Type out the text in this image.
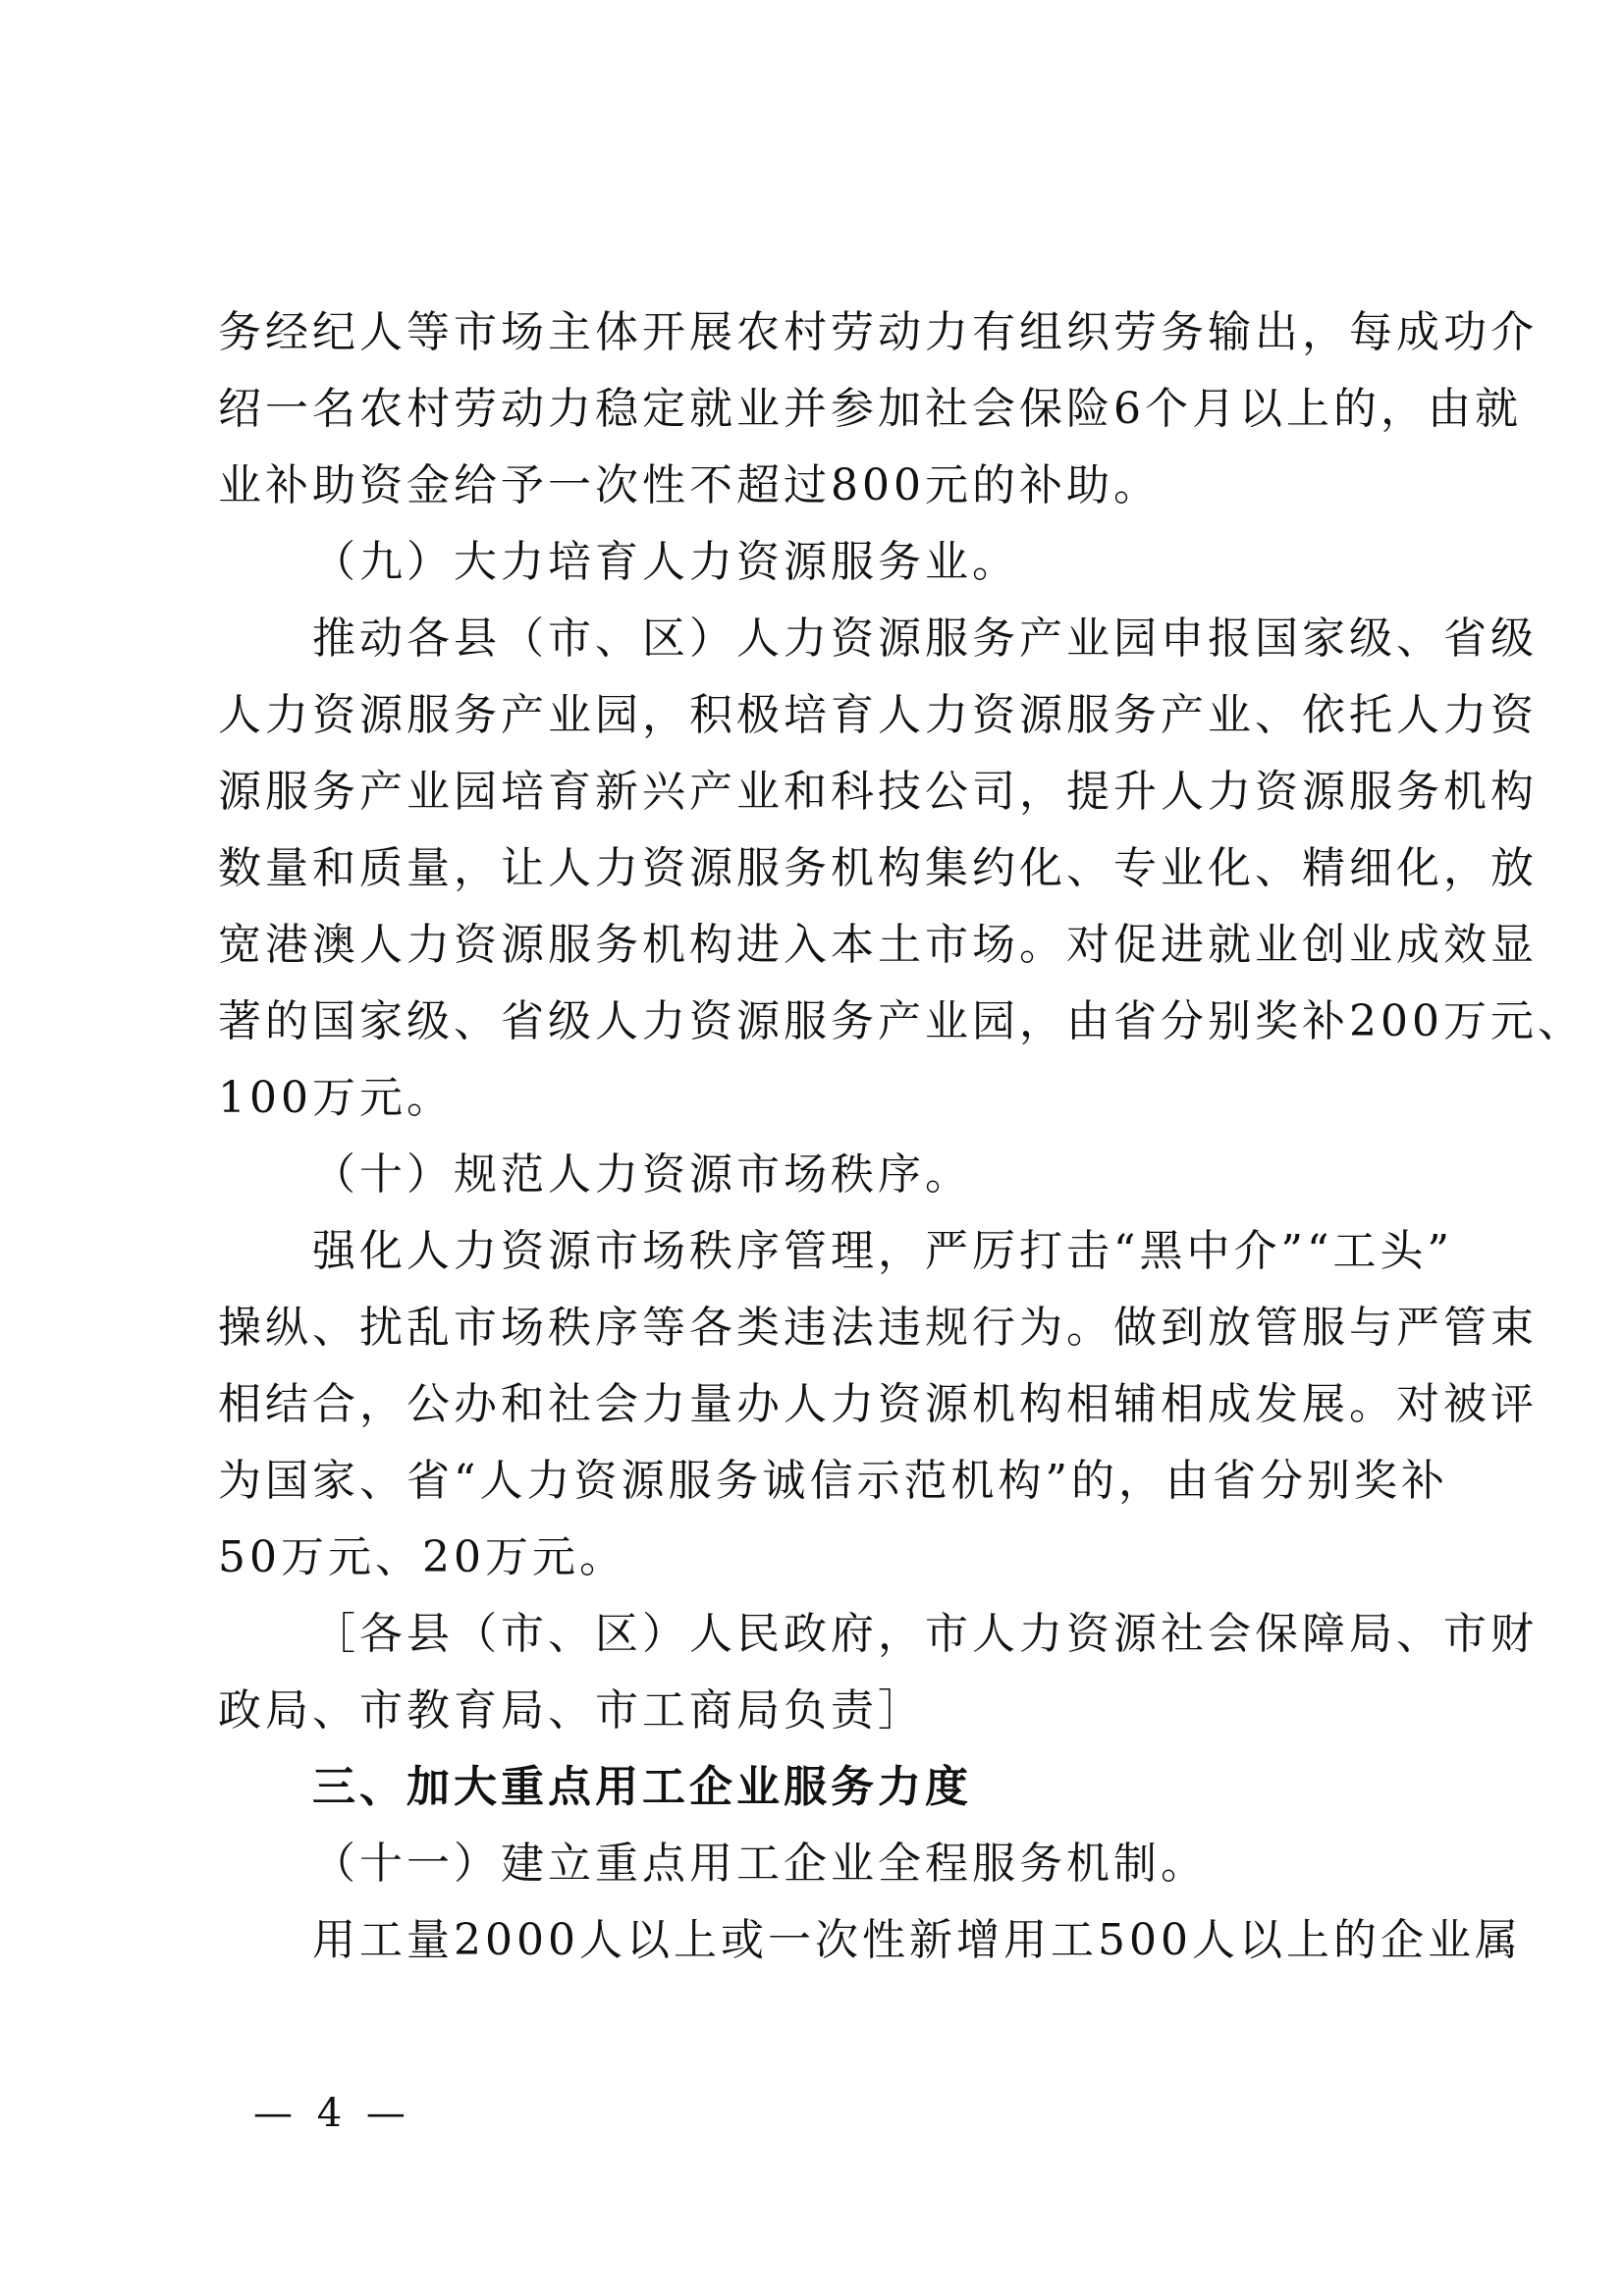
务经纪人等市场主体开展农村劳动力有组织劳务输出，每成功介
绍一名农村劳动力稳定就业并参加社会保险6个月以上的，由就
业补助资金给予一次性不超过800元的补助。

（九）大力培育人力资源服务业。

推动各县（市、区）人力资源服务产业园申报国家级、省级
人力资源服务产业园，积极培育人力资源服务产业、依托人力资
源服务产业园培育新兴产业和科技公司，提升人力资源服务机构
数量和质量，让人力资源服务机构集约化、专业化、精细化，放
宽港澳人力资源服务机构进入本土市场。对促进就业创业成效显
著的国家级、省级人力资源服务产业园，由省分别奖补200万元、
100万元。

（十）规范人力资源市场秩序。

强化人力资源市场秩序管理，严厉打击“黑中介”“工头”
操纵、扰乱市场秩序等各类违法违规行为。做到放管服与严管束
相结合，公办和社会力量办人力资源机构相辅相成发展。对被评
为国家、省“人力资源服务诚信示范机构”的，由省分别奖补
50万元、20万元。

［各县（市、区）人民政府，市人力资源社会保障局、市财
政局、市教育局、市工商局负责］

三、加大重点用工企业服务力度

（十一）建立重点用工企业全程服务机制。

用工量2000人以上或一次性新增用工500人以上的企业属

— 4 —
